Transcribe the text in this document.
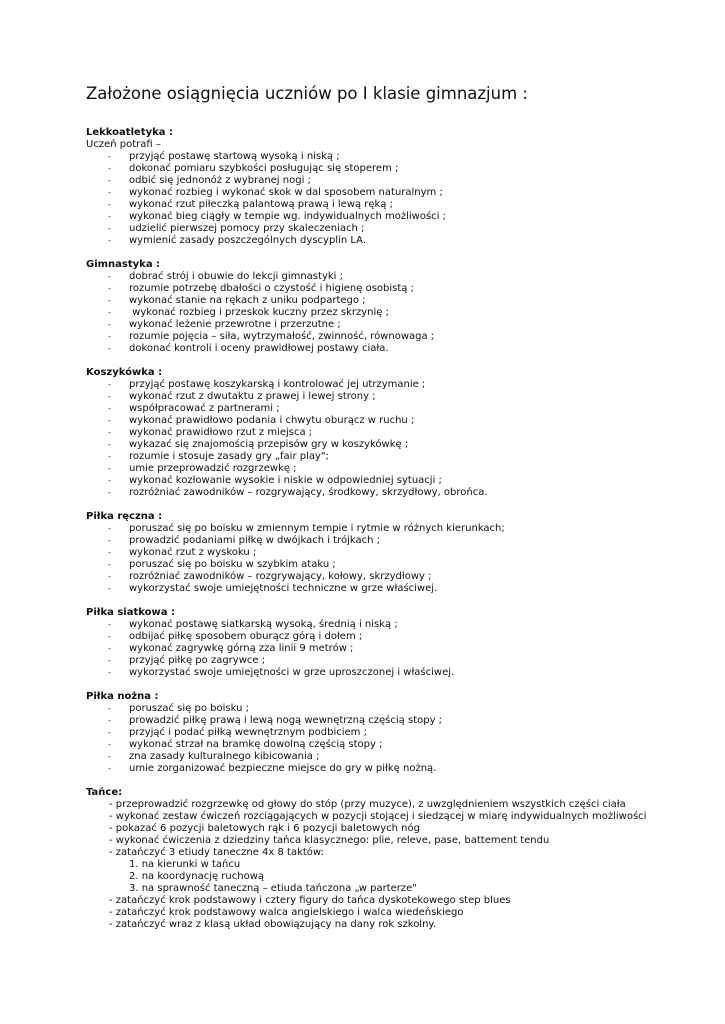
Założone osiągnięcia uczniów po I klasie gimnazjum :
Lekkoatletyka :
Uczeń potrafi –
- przyjąć postawę startową wysoką i niską ;
- dokonać pomiaru szybkości posługując się stoperem ;
- odbić się jednonóż z wybranej nogi ;
- wykonać rozbieg i wykonać skok w dal sposobem naturalnym ;
- wykonać rzut piłeczką palantową prawą i lewą ręką ;
- wykonać bieg ciągły w tempie wg. indywidualnych możliwości ;
- udzielić pierwszej pomocy przy skaleczeniach ;
- wymienić zasady poszczególnych dyscyplin LA.
Gimnastyka :
- dobrać strój i obuwie do lekcji gimnastyki ;
- rozumie potrzebę dbałości o czystość i higienę osobistą ;
- wykonać stanie na rękach z uniku podpartego ;
- wykonać rozbieg i przeskok kuczny przez skrzynię ;
- wykonać leżenie przewrotne i przerzutne ;
- rozumie pojęcia – siła, wytrzymałość, zwinność, równowaga ;
- dokonać kontroli i oceny prawidłowej postawy ciała.
Koszykówka :
- przyjąć postawę koszykarską i kontrolować jej utrzymanie ;
- wykonać rzut z dwutaktu z prawej i lewej strony ;
- współpracować z partnerami ;
- wykonać prawidłowo podania i chwytu oburącz w ruchu ;
- wykonać prawidłowo rzut z miejsca ;
- wykazać się znajomością przepisów gry w koszykówkę ;
- rozumie i stosuje zasady gry „fair play";
- umie przeprowadzić rozgrzewkę ;
- wykonać kozłowanie wysokie i niskie w odpowiedniej sytuacji ;
- rozróżniać zawodników – rozgrywający, środkowy, skrzydłowy, obrońca.
Piłka ręczna :
- poruszać się po boisku w zmiennym tempie i rytmie w różnych kierunkach;
- prowadzić podaniami piłkę w dwójkach i trójkach ;
- wykonać rzut z wyskoku ;
- poruszać się po boisku w szybkim ataku ;
- rozróżniać zawodników – rozgrywający, kołowy, skrzydłowy ;
- wykorzystać swoje umiejętności techniczne w grze właściwej.
Piłka siatkowa :
- wykonać postawę siatkarską wysoką, średnią i niską ;
- odbijać piłkę sposobem oburącz górą i dołem ;
- wykonać zagrywkę górną zza linii 9 metrów ;
- przyjąć piłkę po zagrywce ;
- wykorzystać swoje umiejętności w grze uproszczonej i właściwej.
Piłka nożna :
- poruszać się po boisku ;
- prowadzić piłkę prawą i lewą nogą wewnętrzną częścią stopy ;
- przyjąć i podać piłką wewnętrznym podbiciem ;
- wykonać strzał na bramkę dowolną częścią stopy ;
- zna zasady kulturalnego kibicowania ;
- umie zorganizować bezpieczne miejsce do gry w piłkę nożną.
Tańce:
- przeprowadzić rozgrzewkę od głowy do stóp (przy muzyce), z uwzględnieniem wszystkich części ciała
- wykonać zestaw ćwiczeń rozciągających w pozycji stojącej i siedzącej w miarę indywidualnych możliwości
- pokazać 6 pozycji baletowych rąk i 6 pozycji baletowych nóg
- wykonać ćwiczenia z dziedziny tańca klasycznego: plie, releve, pase, battement tendu
- zatańczyć 3 etiudy taneczne 4x 8 taktów:
1. na kierunki w tańcu
2. na koordynację ruchową
3. na sprawność taneczną – etiuda tańczona „w parterze"
- zatańczyć krok podstawowy i cztery figury do tańca dyskotekowego step blues
- zatańczyć krok podstawowy walca angielskiego i walca wiedeńskiego
- zatańczyć wraz z klasą układ obowiązujący na dany rok szkolny.
